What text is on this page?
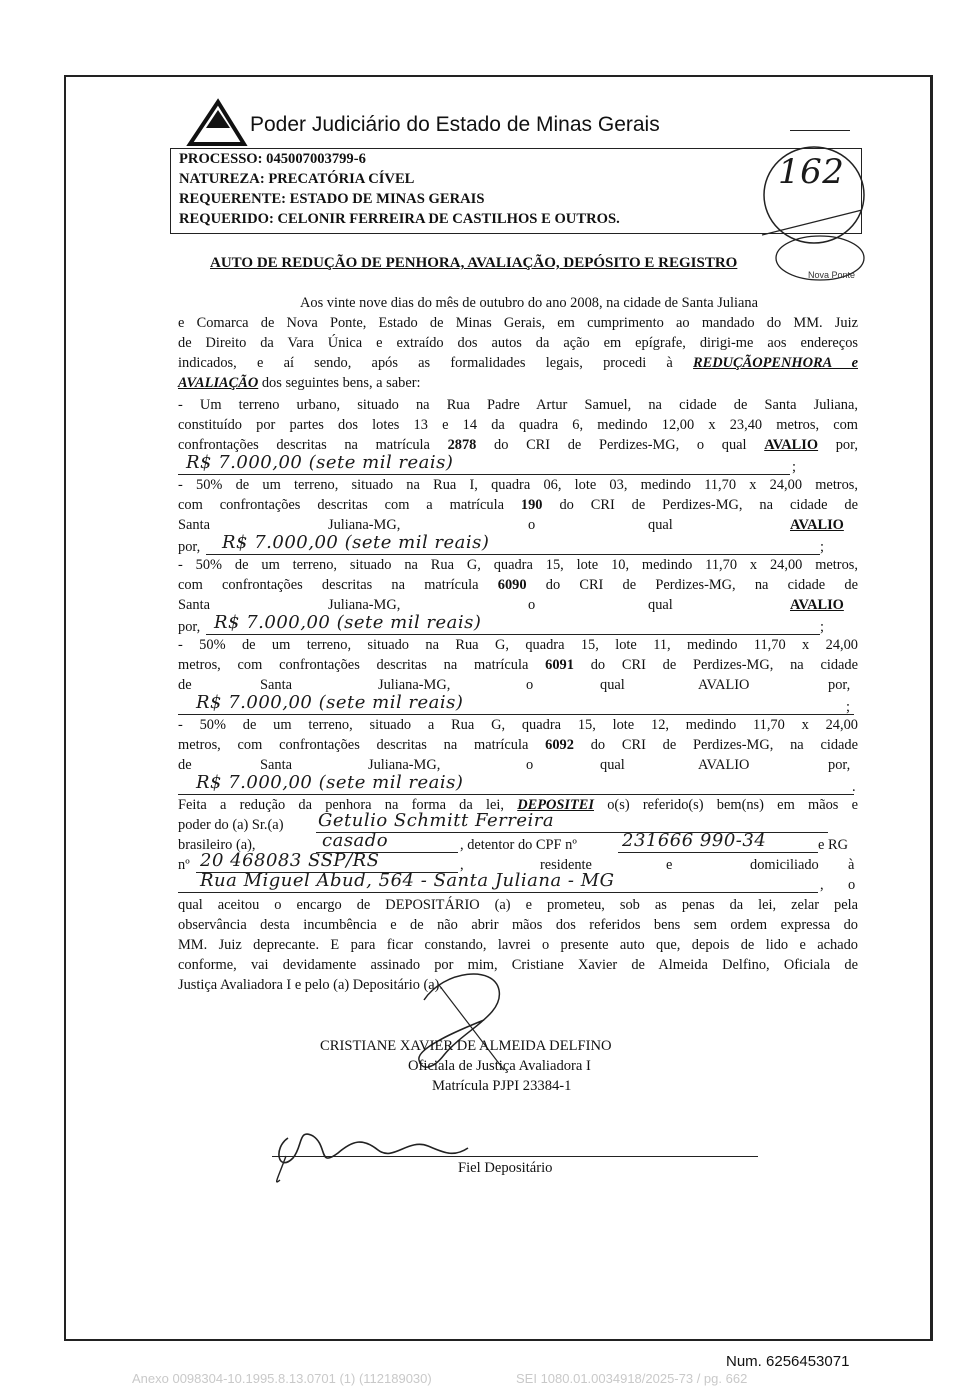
Poder Judiciário do Estado de Minas Gerais
PROCESSO: 045007003799-6
NATUREZA: PRECATÓRIA CÍVEL
REQUERENTE: ESTADO DE MINAS GERAIS
REQUERIDO: CELONIR FERREIRA DE CASTILHOS E OUTROS.
162
Nova Ponte
AUTO DE REDUÇÃO DE PENHORA, AVALIAÇÃO, DEPÓSITO E REGISTRO
Aos vinte nove dias do mês de outubro do ano 2008, na cidade de Santa Juliana
e Comarca de Nova Ponte, Estado de Minas Gerais, em cumprimento ao mandado do MM. Juiz
de Direito da Vara Única e extraído dos autos da ação em epígrafe, dirigi-me aos endereços
indicados, e aí sendo, após as formalidades legais, procedi à REDUÇÃOPENHORA e
AVALIAÇÃO dos seguintes bens, a saber:
- Um terreno urbano, situado na Rua Padre Artur Samuel, na cidade de Santa Juliana,
constituído por partes dos lotes 13 e 14 da quadra 6, medindo 12,00 x 23,40 metros, com
confrontações descritas na matrícula 2878 do CRI de Perdizes-MG, o qual AVALIO por,
R$ 7.000,00 (sete mil reais)	;
- 50% de um terreno, situado na Rua I, quadra 06, lote 03, medindo 11,70 x 24,00 metros,
com confrontações descritas com a matrícula 190 do CRI de Perdizes-MG, na cidade de
Santa	Juliana-MG,	o	qual	AVALIO
por,	R$ 7.000,00 (sete mil reais)	;
- 50% de um terreno, situado na Rua G, quadra 15, lote 10, medindo 11,70 x 24,00 metros,
com confrontações descritas na matrícula 6090 do CRI de Perdizes-MG, na cidade de
Santa	Juliana-MG,	o	qual	AVALIO
por, R$ 7.000,00 (sete mil reais)	;
- 50% de um terreno, situado na Rua G, quadra 15, lote 11, medindo 11,70 x 24,00
metros, com confrontações descritas na matrícula 6091 do CRI de Perdizes-MG, na cidade
de	Santa	Juliana-MG,	o	qual	AVALIO	por,
R$ 7.000,00 (sete mil reais)	;
- 50% de um terreno, situado a Rua G, quadra 15, lote 12, medindo 11,70 x 24,00
metros, com confrontações descritas na matrícula 6092 do CRI de Perdizes-MG, na cidade
de	Santa	Juliana-MG,	o	qual	AVALIO	por,
R$ 7.000,00 (sete mil reais)	.
Feita a redução da penhora na forma da lei, DEPOSITEI o(s) referido(s) bem(ns) em mãos e
poder do (a) Sr.(a)	Getulio Schmitt Ferreira
brasileiro (a),	, detentor do CPF nº	e RG
casado	231666 990-34
nº	,	residente	e	domiciliado à
20 468083 SSP/RS
, o
Rua Miguel Abud, 564 - Santa Juliana - MG
qual aceitou o encargo de DEPOSITÁRIO (a) e prometeu, sob as penas da lei, zelar pela
observância desta incumbência e de não abrir mãos dos referidos bens sem ordem expressa do
MM. Juiz deprecante. E para ficar constando, lavrei o presente auto que, depois de lido e achado
conforme, vai devidamente assinado por mim, Cristiane Xavier de Almeida Delfino, Oficiala de
Justiça Avaliadora I e pelo (a) Depositário (a).
CRISTIANE XAVIER DE ALMEIDA DELFINO
Oficiala de Justiça Avaliadora I
Matrícula PJPI 23384-1
Fiel Depositário
Num. 6256453071
Anexo 0098304-10.1995.8.13.0701 (1) (112189030)	SEI 1080.01.0034918/2025-73 / pg. 662
